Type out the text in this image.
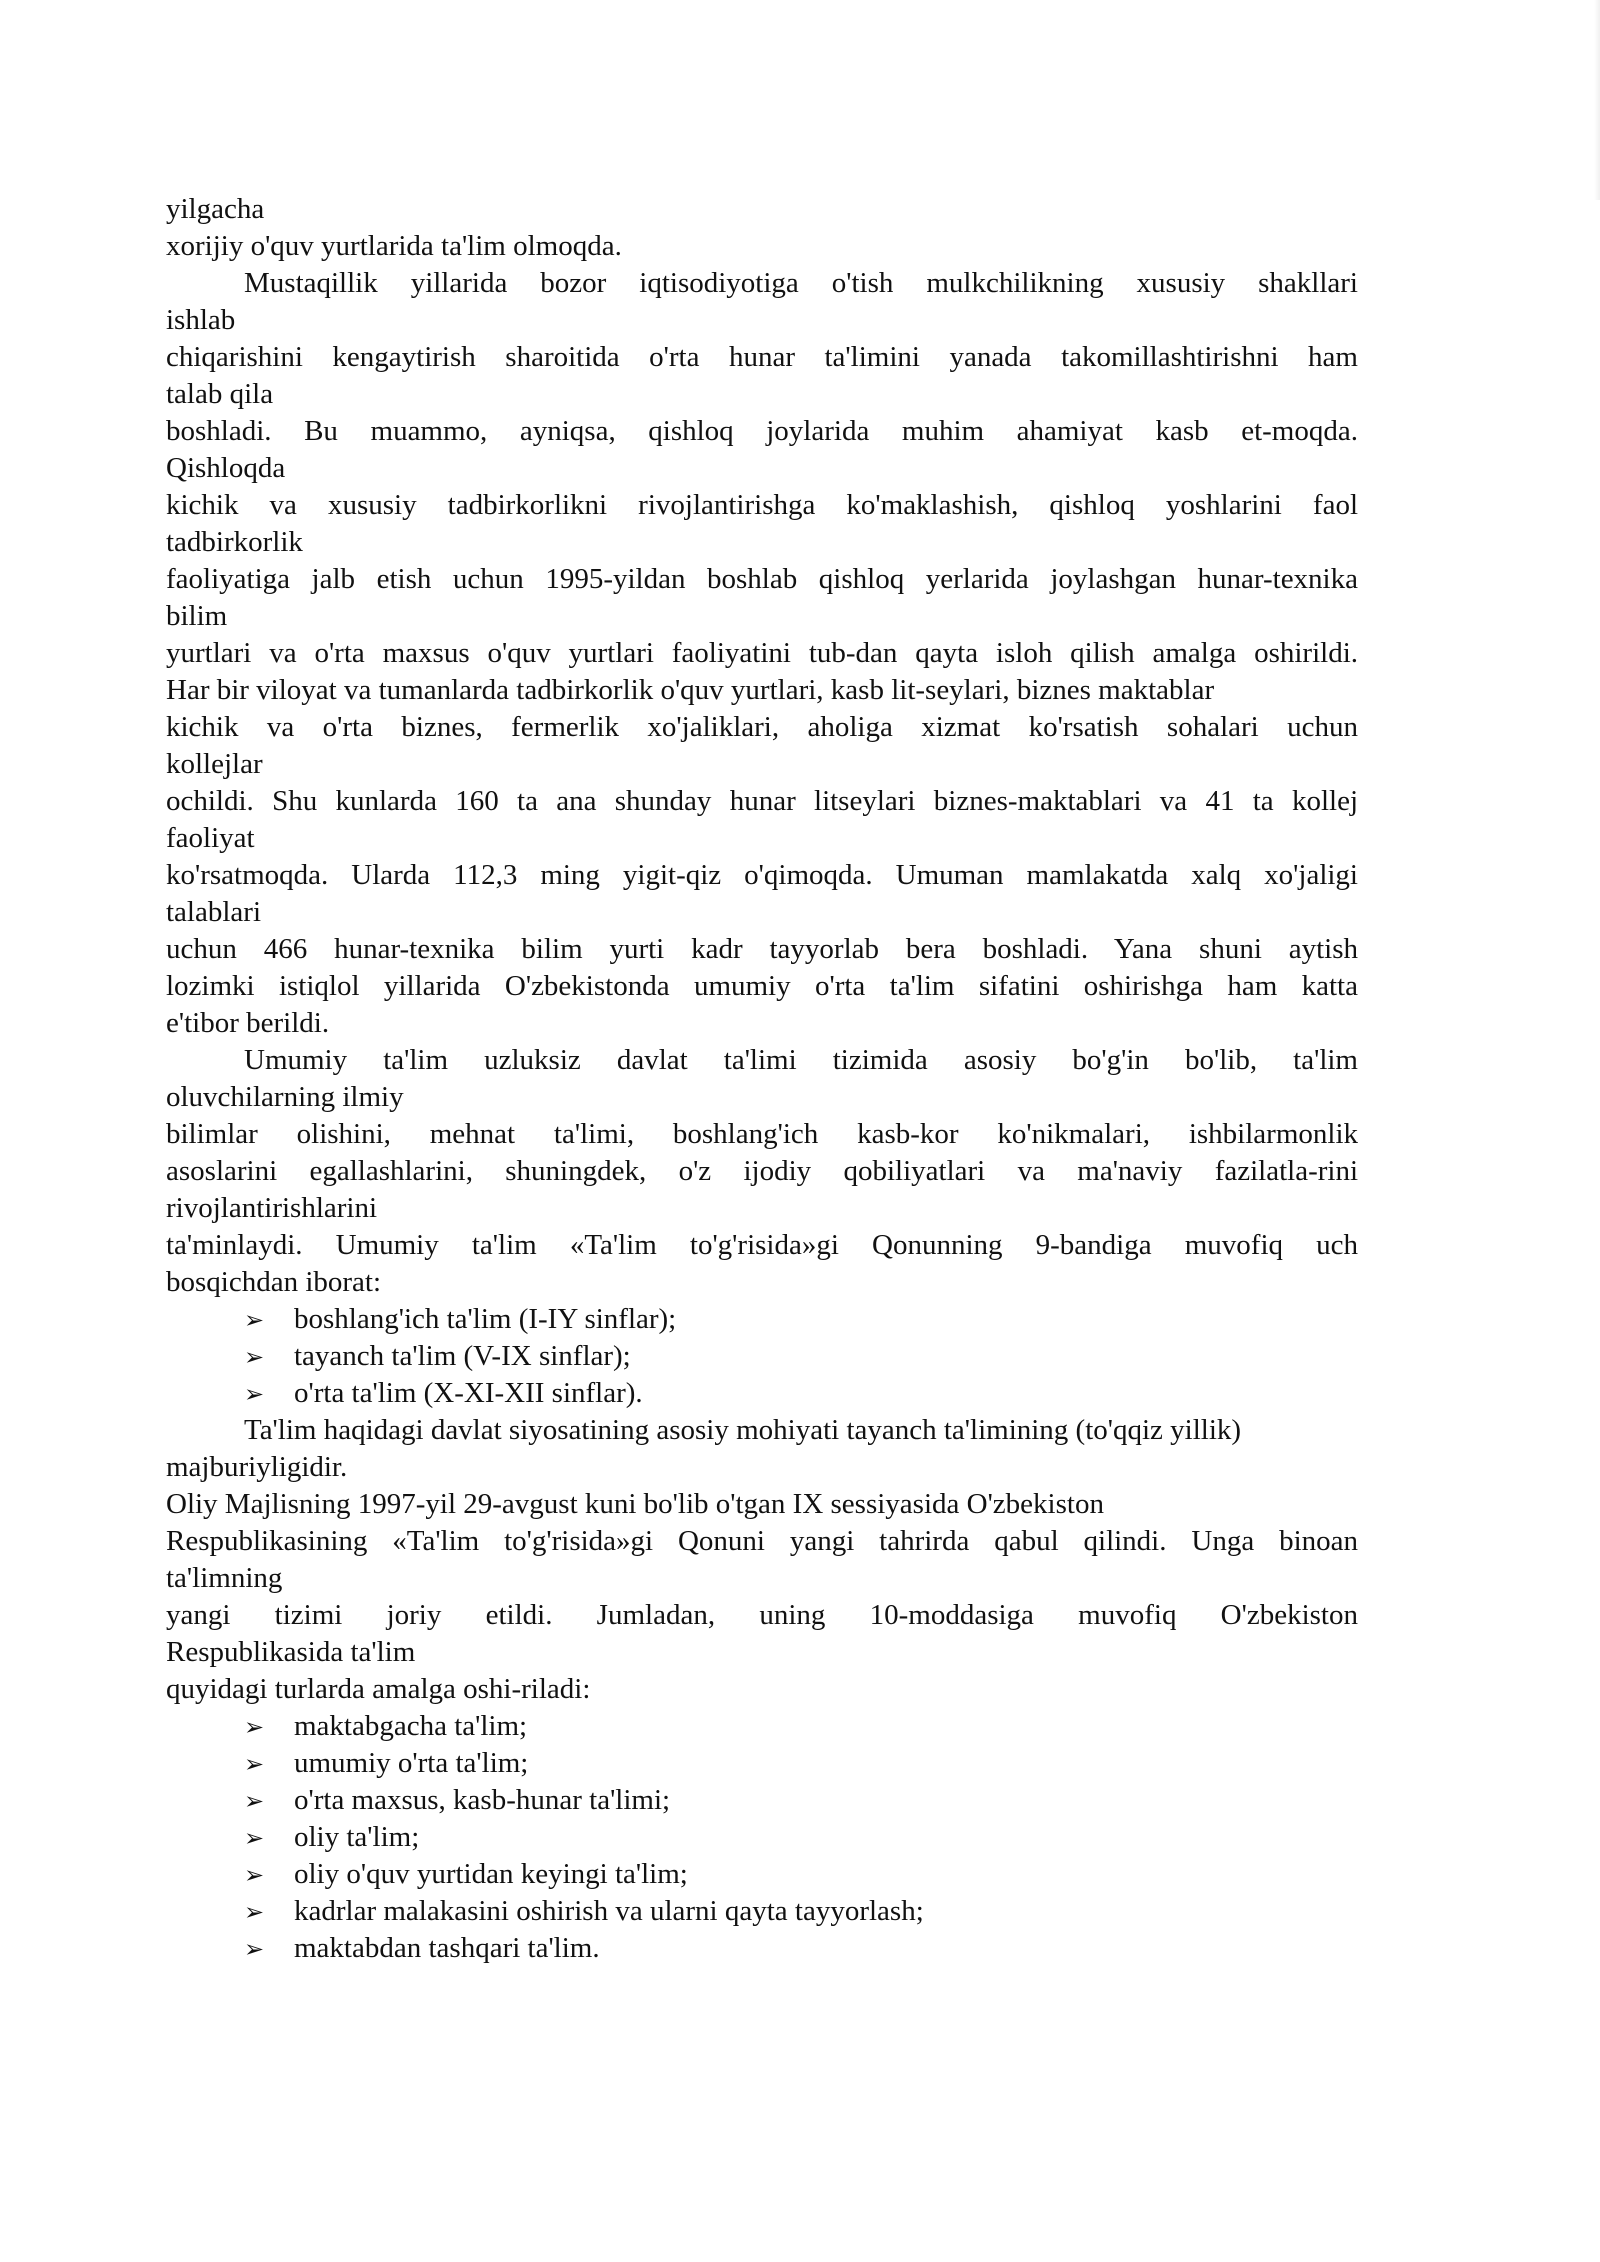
yilgacha
xorijiy o'quv yurtlarida ta'lim olmoqda.
Mustaqillik yillarida bozor iqtisodiyotiga o'tish mulkchilikning xususiy shakllari
ishlab
chiqarishini kengaytirish sharoitida o'rta hunar ta'limini yanada takomillashtirishni ham
talab qila
boshladi. Bu muammo, ayniqsa, qishloq joylarida muhim ahamiyat kasb et-moqda.
Qishloqda
kichik va xususiy tadbirkorlikni rivojlantirishga ko'maklashish, qishloq yoshlarini faol
tadbirkorlik
faoliyatiga jalb etish uchun 1995-yildan boshlab qishloq yerlarida joylashgan hunar-texnika
bilim
yurtlari va o'rta maxsus o'quv yurtlari faoliyatini tub-dan qayta isloh qilish amalga oshirildi.
Har bir viloyat va tumanlarda tadbirkorlik o'quv yurtlari, kasb lit-seylari, biznes maktablar
kichik va o'rta biznes, fermerlik xo'jaliklari, aholiga xizmat ko'rsatish sohalari uchun
kollejlar
ochildi. Shu kunlarda 160 ta ana shunday hunar litseylari biznes-maktablari va 41 ta kollej
faoliyat
ko'rsatmoqda. Ularda 112,3 ming yigit-qiz o'qimoqda. Umuman mamlakatda xalq xo'jaligi
talablari
uchun 466 hunar-texnika bilim yurti kadr tayyorlab bera boshladi. Yana shuni aytish
lozimki istiqlol yillarida O'zbekistonda umumiy o'rta ta'lim sifatini oshirishga ham katta
e'tibor berildi.
Umumiy ta'lim uzluksiz davlat ta'limi tizimida asosiy bo'g'in bo'lib, ta'lim
oluvchilarning ilmiy
bilimlar olishini, mehnat ta'limi, boshlang'ich kasb-kor ko'nikmalari, ishbilarmonlik
asoslarini egallashlarini, shuningdek, o'z ijodiy qobiliyatlari va ma'naviy fazilatla-rini
rivojlantirishlarini
ta'minlaydi. Umumiy ta'lim «Ta'lim to'g'risida»gi Qonunning 9-bandiga muvofiq uch
bosqichdan iborat:
➢ boshlang'ich ta'lim (I-IY sinflar);
➢ tayanch ta'lim (V-IX sinflar);
➢ o'rta ta'lim (X-XI-XII sinflar).
Ta'lim haqidagi davlat siyosatining asosiy mohiyati tayanch ta'limining (to'qqiz yillik)
majburiyligidir.
Oliy Majlisning 1997-yil 29-avgust kuni bo'lib o'tgan IX sessiyasida O'zbekiston
Respublikasining «Ta'lim to'g'risida»gi Qonuni yangi tahrirda qabul qilindi. Unga binoan
ta'limning
yangi tizimi joriy etildi. Jumladan, uning 10-moddasiga muvofiq O'zbekiston
Respublikasida ta'lim
quyidagi turlarda amalga oshi-riladi:
➢ maktabgacha ta'lim;
➢ umumiy o'rta ta'lim;
➢ o'rta maxsus, kasb-hunar ta'limi;
➢ oliy ta'lim;
➢ oliy o'quv yurtidan keyingi ta'lim;
➢ kadrlar malakasini oshirish va ularni qayta tayyorlash;
➢ maktabdan tashqari ta'lim.
